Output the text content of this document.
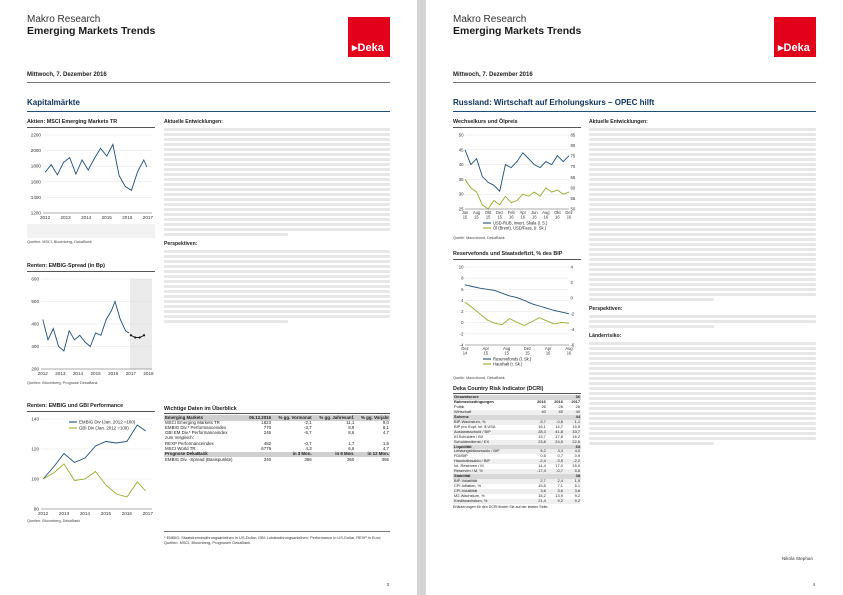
Makro Research
Emerging Markets Trends
▸Deka
Mittwoch, 7. Dezember 2016
Kapitalmärkte
Aktien: MSCI Emerging Markets TR
1200
1400
1600
1800
2000
2200
2012 2013 2014 2015 2016 2017
Quellen: MSCI, Bloomberg, DekaBank
Renten: EMBIG-Spread (in Bp)
200
300
400
500
600
2012 2013 2014 2015 2016 2017 2018
Quellen: Bloomberg, Prognose DekaBank
Renten: EMBIG und GBI Performance
80
100
120
140
2012 2013 2014 2015 2016 2017
EMBIG Div (Jan. 2012 =100)
GBI Div (Jan. 2012 =100)
Quellen: Bloomberg, DekaBank
Aktuelle Entwicklungen:
Perspektiven:
Wichtige Daten im Überblick
Emerging Markets	06.12.2016	% gg. Vormonat	% gg. Jahresanf.	% gg. Vorjahr
MSCI Emerging Markets TR	1823	-2,1	11,1	9,0
EMBIG Div.* Performanceindex	770	-3,7	8,9	8,1
GBI EM Div.* Performanceindex	246	-5,7	8,6	4,7
zum Vergleich:				
REXP Performanceindex	482	-0,7	1,7	1,9
MSCI World TR	6779	4,3	6,6	4,7
Prognose DekaBank		in 3 Mon.	in 6 Mon.	in 12 Mon.
EMBIG Div. -Spread (Basispunkte)	340	356	360	365
* EMBIG: Staatsfremdwährungsanleihen in US-Dollar; GBI: Lokalwährungsanleihen; Performance in US-Dollar, REXP in Euro; Quellen: MSCI, Bloomberg, Prognosen DekaBank
3
Makro Research
Emerging Markets Trends
▸Deka
Mittwoch, 7. Dezember 2016
Russland: Wirtschaft auf Erholungskurs – OPEC hilft
Wechselkurs und Ölpreis
25
30
35
40
45
50
50
55
60
65
70
75
80
85
Jun
15
Aug
15
Okt
15
Dez
15
Feb
16
Apr
16
Jun
16
Aug
16
Okt
16
Dez
16
USD-RUB, invert. Skala (l. S.)
Öl (Brent), USD/Fass, (r. Sk.)
Quelle: Macrobond, DekaBank
Reservefonds und Staatsdefizit, % des BIP
-4
-2
0
2
4
6
8
10
-6
-4
-2
0
2
4
Dez
14
Apr
15
Aug
15
Dez
15
Apr
16
Aug
16
Reservefonds (l. Sk.)
Haushalt (r. Sk.)
Quelle: Macrobond, DekaBank
Deka Country Risk Indicator (DCRI)
Gesamtscore			36
Rahmenbedingungen	2016	2016	2017
Politik	26	26	26
Wirtschaft	40	40	40
Solvenz			44
BIP-Wachstum, %	-3,7	-0,6	1,1
BIP pro Kopf, inl. $ USA	16,1	14,7	15,5
Auslandsschuld / BIP	28,3	41,8	33,7
Kf.Schulden / BX	13,7	17,8	16,2
Schuldendienst / EX	23,8	24,5	22,6
Liquidität			63
Leistungsbilanzsaldo / BIP	5,2	3,3	4,0
FDI/BIP	0,5	0,7	0,9
Haushaltssaldo / BIP	-2,4	-3,5	-2,2
Int. Reserven / M	14,4	17,0	16,0
Reserven / M, %	-17,4	-0,7	5,6
Stabilität			38
BIP-Volatilität	2,7	2,4	1,9
CPI-Inflation, %	15,5	7,1	5,1
CPI-Volatilität	3,6	3,6	3,6
M2-Wachstum, %	15,2	13,9	9,2
Kreditwachstum, %	21,4	9,2	9,2
Erläuterungen für den DCRI finden Sie auf der letzten Seite.
Aktuelle Entwicklungen:
Perspektiven:
Länderrisiko:
Nikola Stephan
4
